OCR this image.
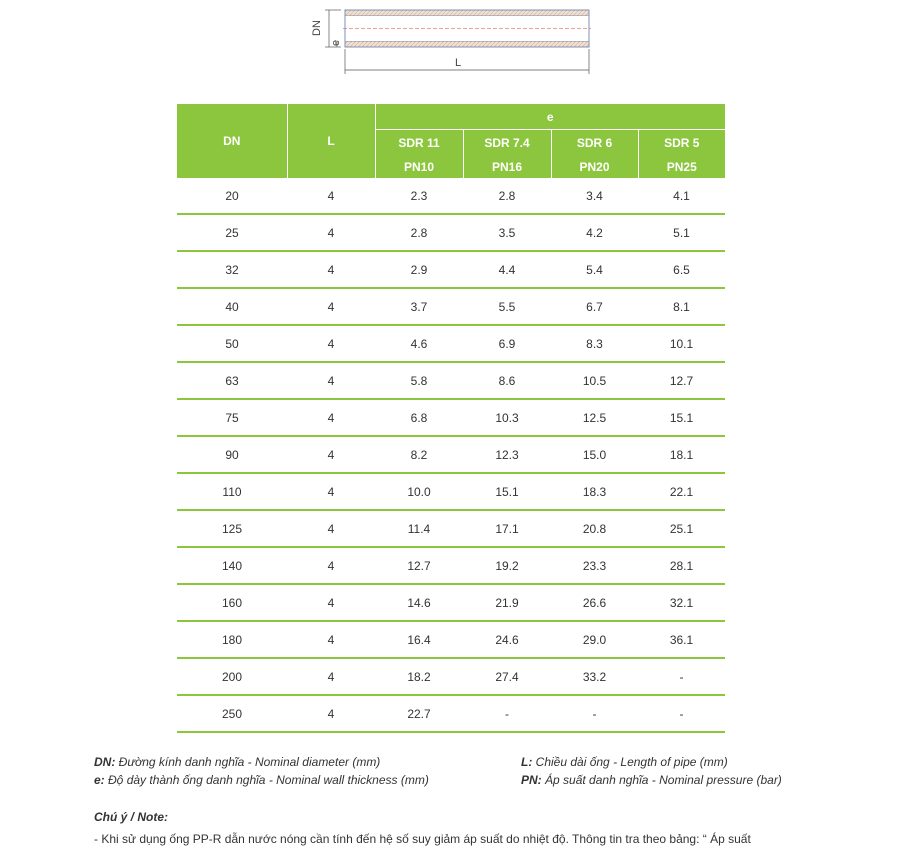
DN
e
L
DN	L	e			
		SDR 11	SDR 7.4	SDR 6	SDR 5
		PN10	PN16	PN20	PN25
20	4	2.3	2.8	3.4	4.1
25	4	2.8	3.5	4.2	5.1
32	4	2.9	4.4	5.4	6.5
40	4	3.7	5.5	6.7	8.1
50	4	4.6	6.9	8.3	10.1
63	4	5.8	8.6	10.5	12.7
75	4	6.8	10.3	12.5	15.1
90	4	8.2	12.3	15.0	18.1
110	4	10.0	15.1	18.3	22.1
125	4	11.4	17.1	20.8	25.1
140	4	12.7	19.2	23.3	28.1
160	4	14.6	21.9	26.6	32.1
180	4	16.4	24.6	29.0	36.1
200	4	18.2	27.4	33.2	-
250	4	22.7	-	-	-
DN: Đường kính danh nghĩa - Nominal diameter (mm)
e: Độ dày thành ống danh nghĩa - Nominal wall thickness (mm)
L: Chiều dài ống - Length of pipe (mm)
PN: Áp suất danh nghĩa - Nominal pressure (bar)
Chú ý / Note:
- Khi sử dụng ống PP-R dẫn nước nóng cần tính đến hệ số suy giảm áp suất do nhiệt độ. Thông tin tra theo bảng: “ Áp suất
